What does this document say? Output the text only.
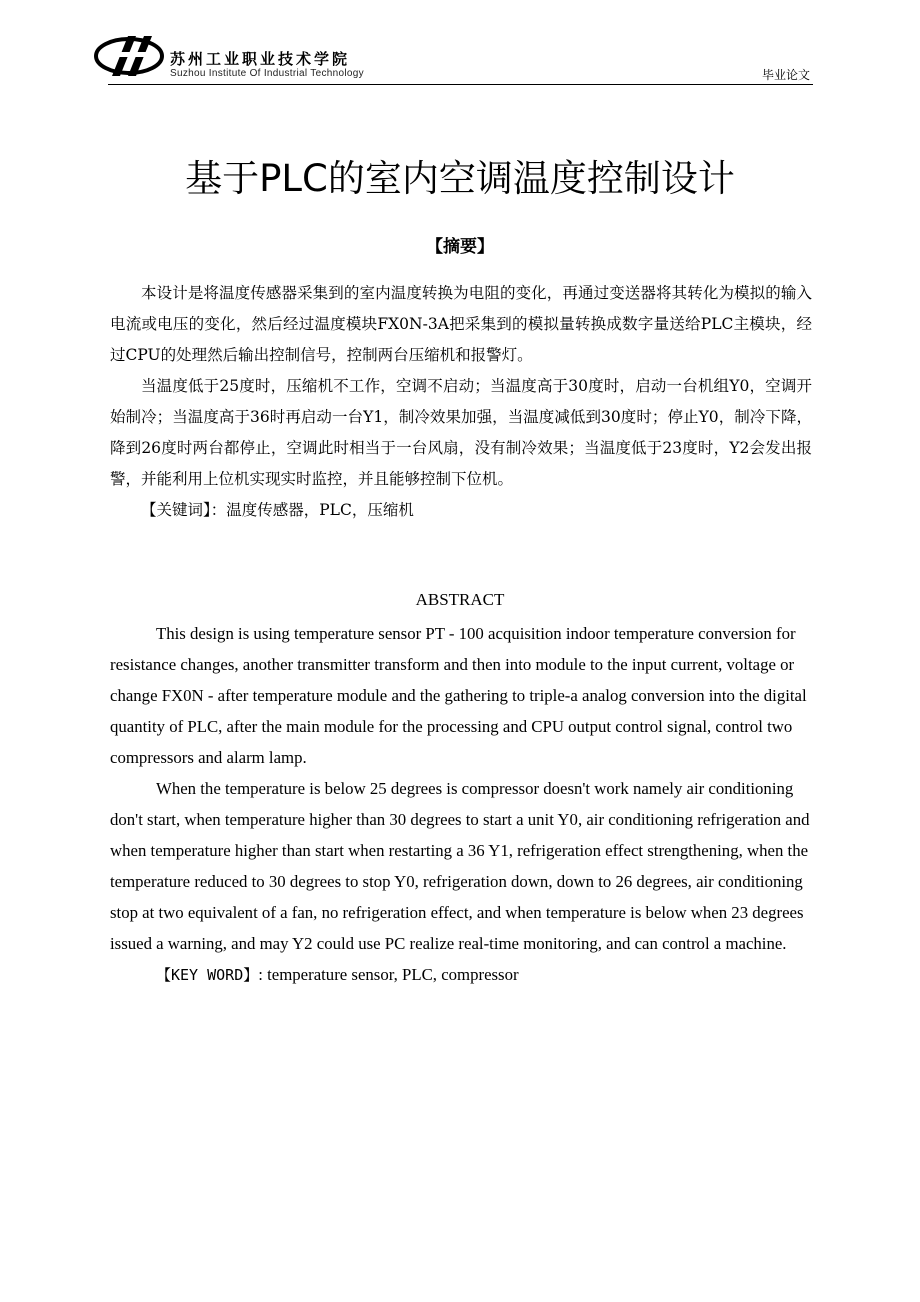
苏州工业职业技术学院
Suzhou Institute Of Industrial Technology	毕业论文
基于PLC的室内空调温度控制设计
【摘要】

本设计是将温度传感器采集到的室内温度转换为电阻的变化，再通过变送器将其转化为模拟的输入电流或电压的变化，然后经过温度模块FX0N-3A把采集到的模拟量转换成数字量送给PLC主模块，经过CPU的处理然后输出控制信号，控制两台压缩机和报警灯。

当温度低于25度时，压缩机不工作，空调不启动；当温度高于30度时，启动一台机组Y0，空调开始制冷；当温度高于36时再启动一台Y1，制冷效果加强，当温度减低到30度时；停止Y0，制冷下降，降到26度时两台都停止，空调此时相当于一台风扇，没有制冷效果；当温度低于23度时，Y2会发出报警，并能利用上位机实现实时监控，并且能够控制下位机。

【关键词】：温度传感器，PLC，压缩机

ABSTRACT

This design is using temperature sensor PT - 100 acquisition indoor temperature conversion for resistance changes, another transmitter transform and then into module to the input current, voltage or change FX0N - after temperature module and the gathering to triple-a analog conversion into the digital quantity of PLC, after the main module for the processing and CPU output control signal, control two compressors and alarm lamp.

When the temperature is below 25 degrees is compressor doesn't work namely air conditioning don't start, when temperature higher than 30 degrees to start a unit Y0, air conditioning refrigeration and when temperature higher than start when restarting a 36 Y1, refrigeration effect strengthening, when the temperature reduced to 30 degrees to stop Y0, refrigeration down, down to 26 degrees, air conditioning stop at two equivalent of a fan, no refrigeration effect, and when temperature is below when 23 degrees issued a warning, and may Y2 could use PC realize real-time monitoring, and can control a machine.

【KEY WORD】: temperature sensor, PLC, compressor
